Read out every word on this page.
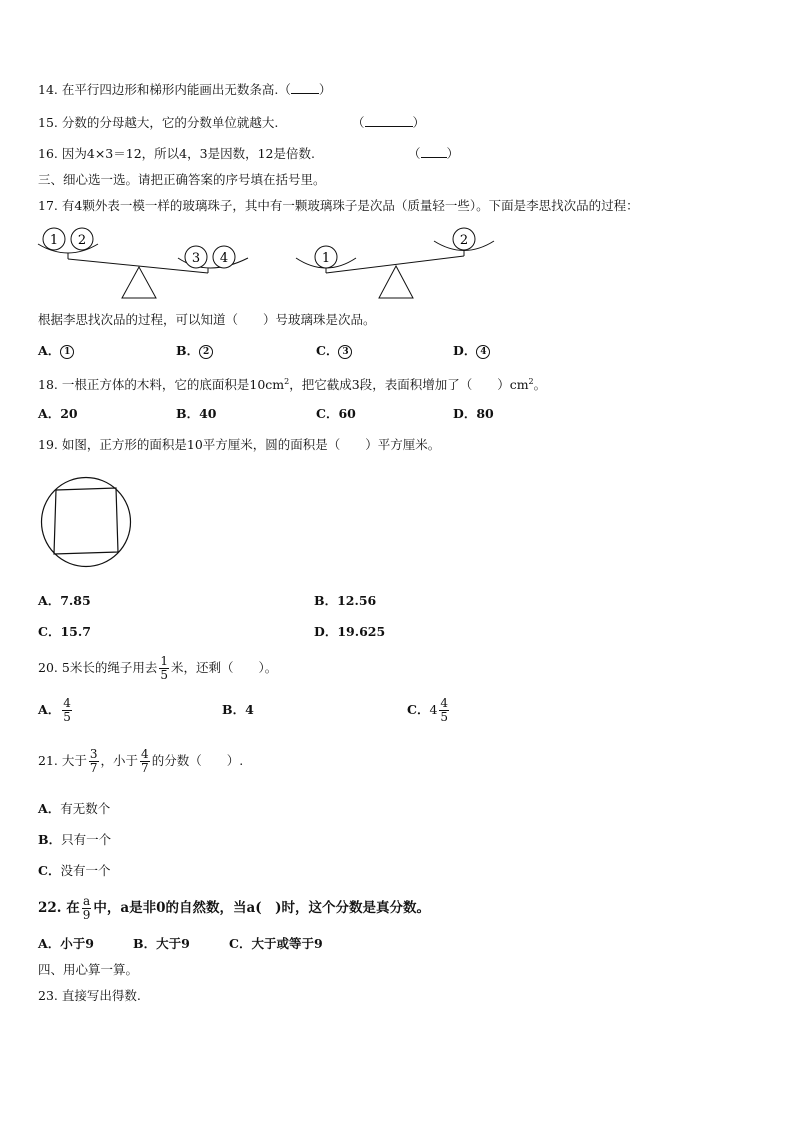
14. 在平行四边形和梯形内能画出无数条高.（ ）
15. 分数的分母越大，它的分数单位就越大.	（	）
16. 因为4×3＝12，所以4，3是因数，12是倍数.	（ ）
三、细心选一选。请把正确答案的序号填在括号里。
17. 有4颗外表一模一样的玻璃珠子，其中有一颗玻璃珠子是次品（质量轻一些）。下面是李思找次品的过程：
1 2
3 4	1
2
根据李思找次品的过程，可以知道（　　）号玻璃珠是次品。
A． 1	B． 2	C． 3	D． 4
18. 一根正方体的木料，它的底面积是$10cm^2$，把它截成3段，表面积增加了（　　）$cm^2$。
A．20	B．40	C．60	D．80
19. 如图，正方形的面积是10平方厘米，圆的面积是（　　）平方厘米。
A．7.85	B．12.56
C．15.7	D．19.625
20. 5米长的绳子用去 $\frac{1}{5}$ 米，还剩（　　）。
A． $\frac{4}{5}$	B．4	C．$4 \frac{4}{5}$
21. 大于 $\frac{3}{7}$ ，小于 $\frac{4}{7}$ 的分数（　　）.
A．有无数个
B．只有一个
C．没有一个
22. 在 $\frac{a}{9}$ 中，a是非0的自然数，当a(　)时，这个分数是真分数。
A．小于9	B．大于9	C．大于或等于9
四、用心算一算。
23. 直接写出得数.
